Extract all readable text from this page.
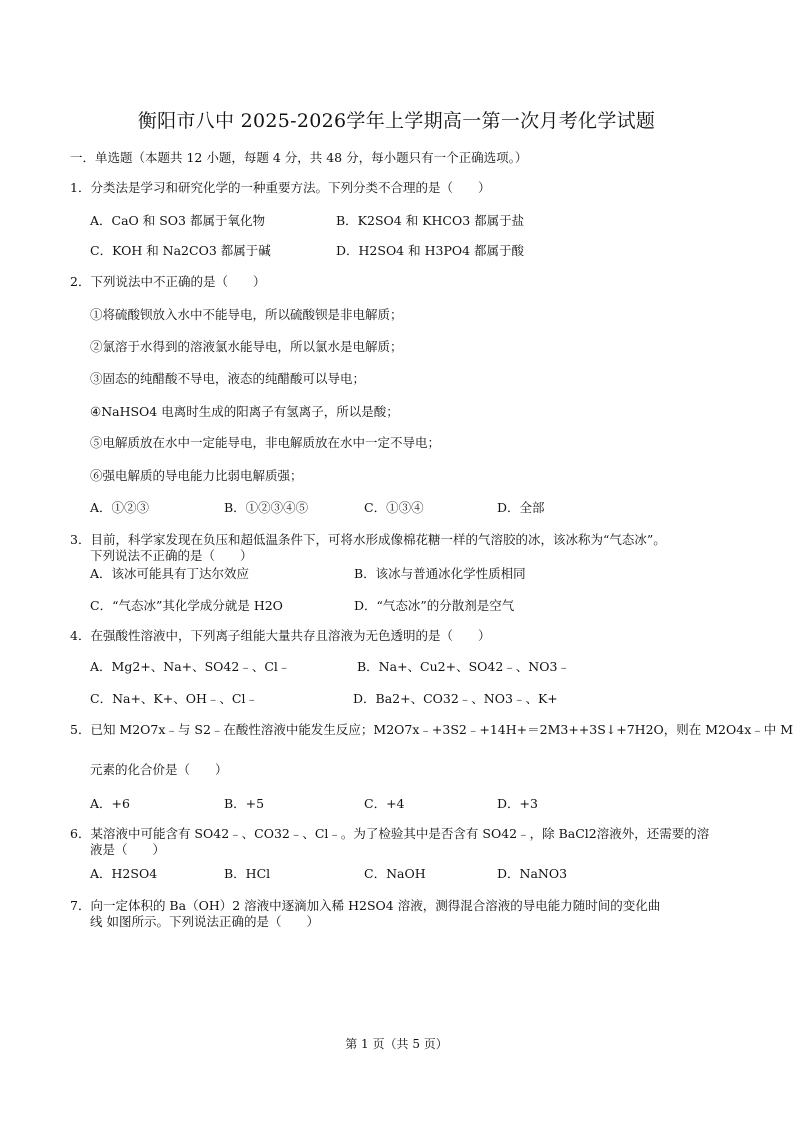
衡阳市八中 2025-2026学年上学期高一第一次月考化学试题
一．单选题（本题共 12 小题，每题 4 分，共 48 分，每小题只有一个正确选项。）
1．分类法是学习和研究化学的一种重要方法。下列分类不合理的是（　　）
A．CaO 和 SO3 都属于氧化物	B．K2SO4 和 KHCO3 都属于盐
C．KOH 和 Na2CO3 都属于碱	D．H2SO4 和 H3PO4 都属于酸
2．下列说法中不正确的是（　　）
①将硫酸钡放入水中不能导电，所以硫酸钡是非电解质；
②氯溶于水得到的溶液氯水能导电，所以氯水是电解质；
③固态的纯醋酸不导电，液态的纯醋酸可以导电；
④NaHSO4 电离时生成的阳离子有氢离子，所以是酸；
⑤电解质放在水中一定能导电，非电解质放在水中一定不导电；
⑥强电解质的导电能力比弱电解质强；
A．①②③	B．①②③④⑤	C．①③④	D．全部
3．目前，科学家发现在负压和超低温条件下，可将水形成像棉花糖一样的气溶胶的冰，该冰称为“气态冰”。
下列说法不正确的是（　　）
A．该冰可能具有丁达尔效应	B．该冰与普通冰化学性质相同
C．“气态冰”其化学成分就是 H2O	D．“气态冰”的分散剂是空气
4．在强酸性溶液中，下列离子组能大量共存且溶液为无色透明的是（　　）
A．Mg2+、Na+、SO42﹣、Cl﹣	B．Na+、Cu2+、SO42﹣、NO3﹣
C．Na+、K+、OH﹣、Cl﹣	D．Ba2+、CO32﹣、NO3﹣、K+
5．已知 M2O7x﹣与 S2﹣在酸性溶液中能发生反应；M2O7x﹣+3S2﹣+14H+＝2M3++3S↓+7H2O，则在 M2O4x﹣中 M
元素的化合价是（　　）
A．+6	B．+5	C．+4	D．+3
6．某溶液中可能含有 SO42﹣、CO32﹣、Cl﹣。为了检验其中是否含有 SO42﹣，除 BaCl2溶液外，还需要的溶
液是（　　）
A．H2SO4	B．HCl	C．NaOH	D．NaNO3
7．向一定体积的 Ba（OH）2 溶液中逐滴加入稀 H2SO4 溶液，测得混合溶液的导电能力随时间的变化曲
线 如图所示。下列说法正确的是（　　）
第 1 页（共 5 页）
